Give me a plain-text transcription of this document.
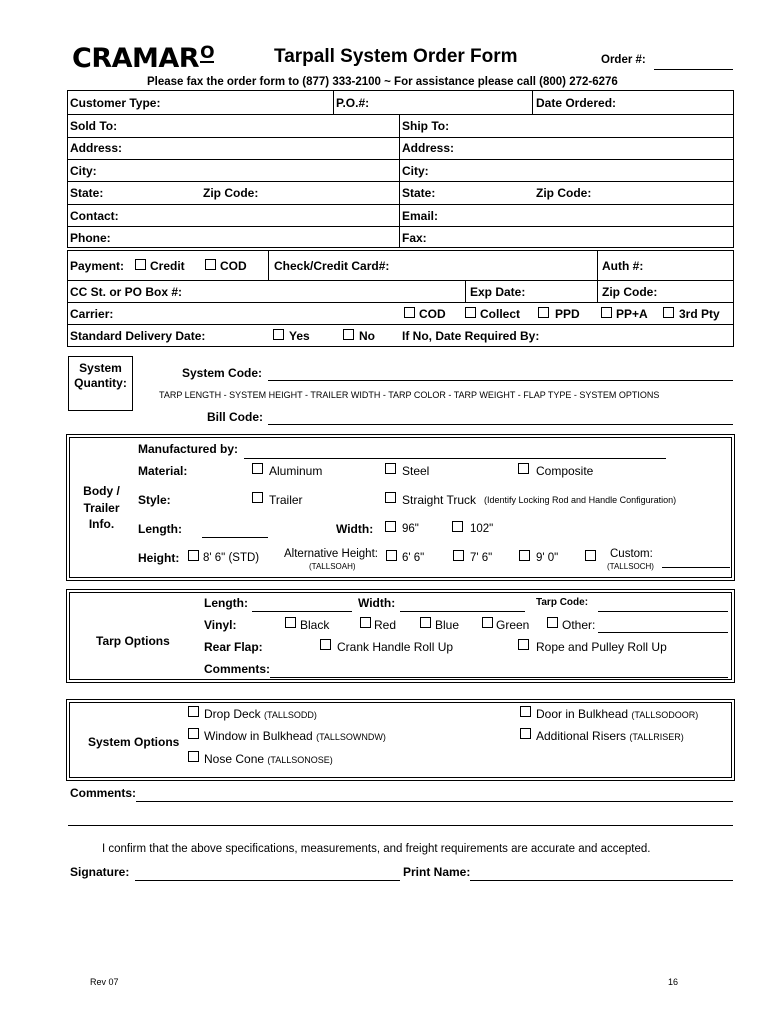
CRAMARO	Tarpall System Order Form	Order #:
Please fax the order form to (877) 333-2100 ~ For assistance please call (800) 272-6276
Customer Type:	P.O.#:	Date Ordered:
Sold To:	Ship To:
Address:	Address:
City:	City:
State:	Zip Code:	State:	Zip Code:
Contact:	Email:
Phone:	Fax:
Payment: Credit	COD Check/Credit Card#:	Auth #:
CC St. or PO Box #:	Exp Date:	Zip Code:
Carrier:	COD	Collect	PPD	PP+A	3rd Pty
Standard Delivery Date:	Yes	No If No, Date Required By:
System
Quantity:
System Code:
TARP LENGTH - SYSTEM HEIGHT - TRAILER WIDTH - TARP COLOR - TARP WEIGHT - FLAP TYPE - SYSTEM OPTIONS
Bill Code:
Body /
Trailer
Info.
Manufactured by:
Material:	Aluminum	Steel	Composite
Style:	Trailer	Straight Truck (Identify Locking Rod and Handle Configuration)
Length:	Width:	96"	102"
Height: 8' 6" (STD) Alternative Height:
(TALLSOAH)
6' 6"	7' 6"	9' 0"	Custom:
(TALLSOCH)
Tarp Options
Length:	Width:	Tarp Code:
Vinyl:	Black	Red	Blue	Green	Other:
Rear Flap:	Crank Handle Roll Up	Rope and Pulley Roll Up
Comments:
System Options
Drop Deck (TALLSODD)
Window in Bulkhead (TALLSOWNDW)
Nose Cone (TALLSONOSE)
Door in Bulkhead (TALLSODOOR)
Additional Risers (TALLRISER)
Comments:
I confirm that the above specifications, measurements, and freight requirements are accurate and accepted.
Signature:	Print Name:
Rev 07	16
